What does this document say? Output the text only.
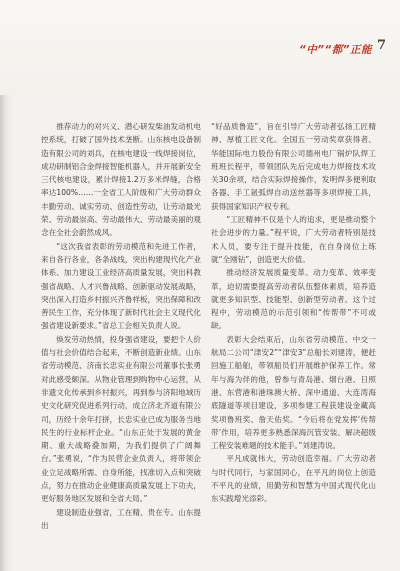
“中”“都”正能 7

推荐动力的对兴义、潜心研发柴油发动机电控系统，打破了国外技术垄断。山东核电设备制造有限公司的刘兵，在核电建设一线焊接岗位，成功研制铝合金焊接智能机器人，并开展新安全三代核电建设，累计焊接1.2万多米焊缝，合格率达100%……一全省工人阶级和广大劳动群众丰勤劳动、诚实劳动、创造性劳动，让劳动最光荣、劳动最崇高、劳动最伟大、劳动最美丽的观念在全社会蔚然成风。

“这次我省表彰的劳动模范和先进工作者，来自各行各业，各条战线，突出构建现代化产业体系、加力建设工业经济高质量发展，突出科教强省战略、人才兴鲁战略、创新驱动发展战略，突出深入打造乡村振兴齐鲁样板，突出保障和改善民生工作，充分体现了新时代社会主义现代化强省建设新要求。”省总工会相关负责人说。

焕发劳动热情，投身强省建设，要把个人价值与社会价值结合起来，不断创造新业绩。山东省劳动模范、济南长忠实业有限公司董事长张勇对此感受颇深。从物业管理到购物中心运营，从非遗文化传承到乡村振兴，再到参与济阳地域历史文化研究促进系列行动，成立济北齐道有限公司，历经十余年打拼，长忠实业已成为服务当地民生的行业标杆企业。“山东正处于发展的黄金期、重大战略叠加期，为我们提供了广阔舞台。”张勇说，“作为民营企业负责人，将带领企业立足战略所需、自身所能，找准切入点和突破点，努力在推动企业健康高质量发展上下功夫，更好服务地区发展和全省大局。”

建设制造业强省，工在精、贵在专。山东提出

“好品质鲁造”，旨在引导广大劳动者弘扬工匠精神、厚植工匠文化。全国五一劳动奖章获得者、华能国际电力股份有限公司德州电厂锅炉队焊工班班长程平，带领团队先后完成电力焊接技术攻关30余项，结合实际焊接操作，发明焊多便利取各器、手工氩弧焊自动送丝器等多项焊接工具，获得国家知识产权专利。

“工匠精神不仅是个人的追求，更是推动整个社会进步的力量。”程平说，广大劳动者特别是技术人员，要专注于提升技能，在自身岗位上练就“全刚钻”，创造更大价值。

推动经济发展质量变革、动力变革、效率变革，迫切需要提高劳动者队伍整体素质，培养造就更多知识型、技能型、创新型劳动者。这个过程中，劳动模范的示范引领和“传帮带”不可或缺。

表彰大会结束后，山东省劳动模范、中交一航局二公司“津安2”“津安3”总船长刘建涛，便赶回施工船舶，带领船员们开展维护保养工作。常年与海为伴的他，曾参与青岛港、烟台港、日照港、东营港和港珠澳大桥、深中通道、大连湾海底隧道等项目建设，多项参建工程获建设金藏高奖项鲁班奖、詹天佑奖。“今后将在党发挥‘传帮带’作用，培养更多熟悉深海沉管安装、解决超级工程安装难题的技术能手。”刘建涛说。

平凡成就伟大，劳动创造幸福。广大劳动者与时代同行，与家国同心，在平凡的岗位上创造不平凡的业绩，用勤劳和智慧为中国式现代化山东实践增光添彩。
